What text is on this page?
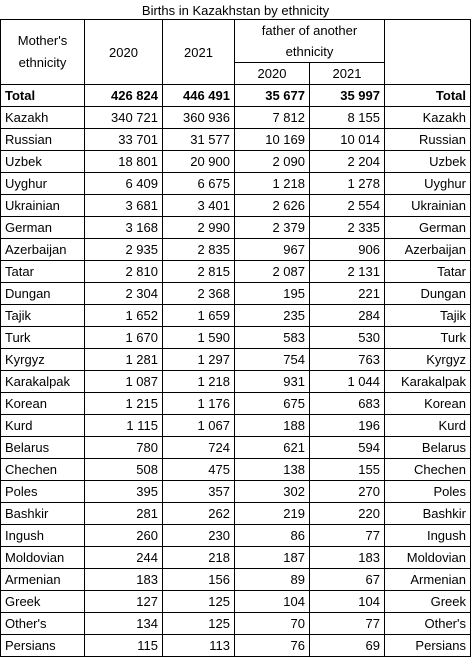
Births in Kazakhstan by ethnicity
Mother's
ethnicity	2020	2021	father of another
ethnicity		

			2020	2021	
Total	426 824	446 491	35 677	35 997	Total
Kazakh	340 721	360 936	7 812	8 155	Kazakh
Russian	33 701	31 577	10 169	10 014	Russian
Uzbek	18 801	20 900	2 090	2 204	Uzbek
Uyghur	6 409	6 675	1 218	1 278	Uyghur
Ukrainian	3 681	3 401	2 626	2 554	Ukrainian
German	3 168	2 990	2 379	2 335	German
Azerbaijan	2 935	2 835	967	906	Azerbaijan
Tatar	2 810	2 815	2 087	2 131	Tatar
Dungan	2 304	2 368	195	221	Dungan
Tajik	1 652	1 659	235	284	Tajik
Turk	1 670	1 590	583	530	Turk
Kyrgyz	1 281	1 297	754	763	Kyrgyz
Karakalpak	1 087	1 218	931	1 044	Karakalpak
Korean	1 215	1 176	675	683	Korean
Kurd	1 115	1 067	188	196	Kurd
Belarus	780	724	621	594	Belarus
Chechen	508	475	138	155	Chechen
Poles	395	357	302	270	Poles
Bashkir	281	262	219	220	Bashkir
Ingush	260	230	86	77	Ingush
Moldovian	244	218	187	183	Moldovian
Armenian	183	156	89	67	Armenian
Greek	127	125	104	104	Greek
Other's	134	125	70	77	Other's
Persians	115	113	76	69	Persians
